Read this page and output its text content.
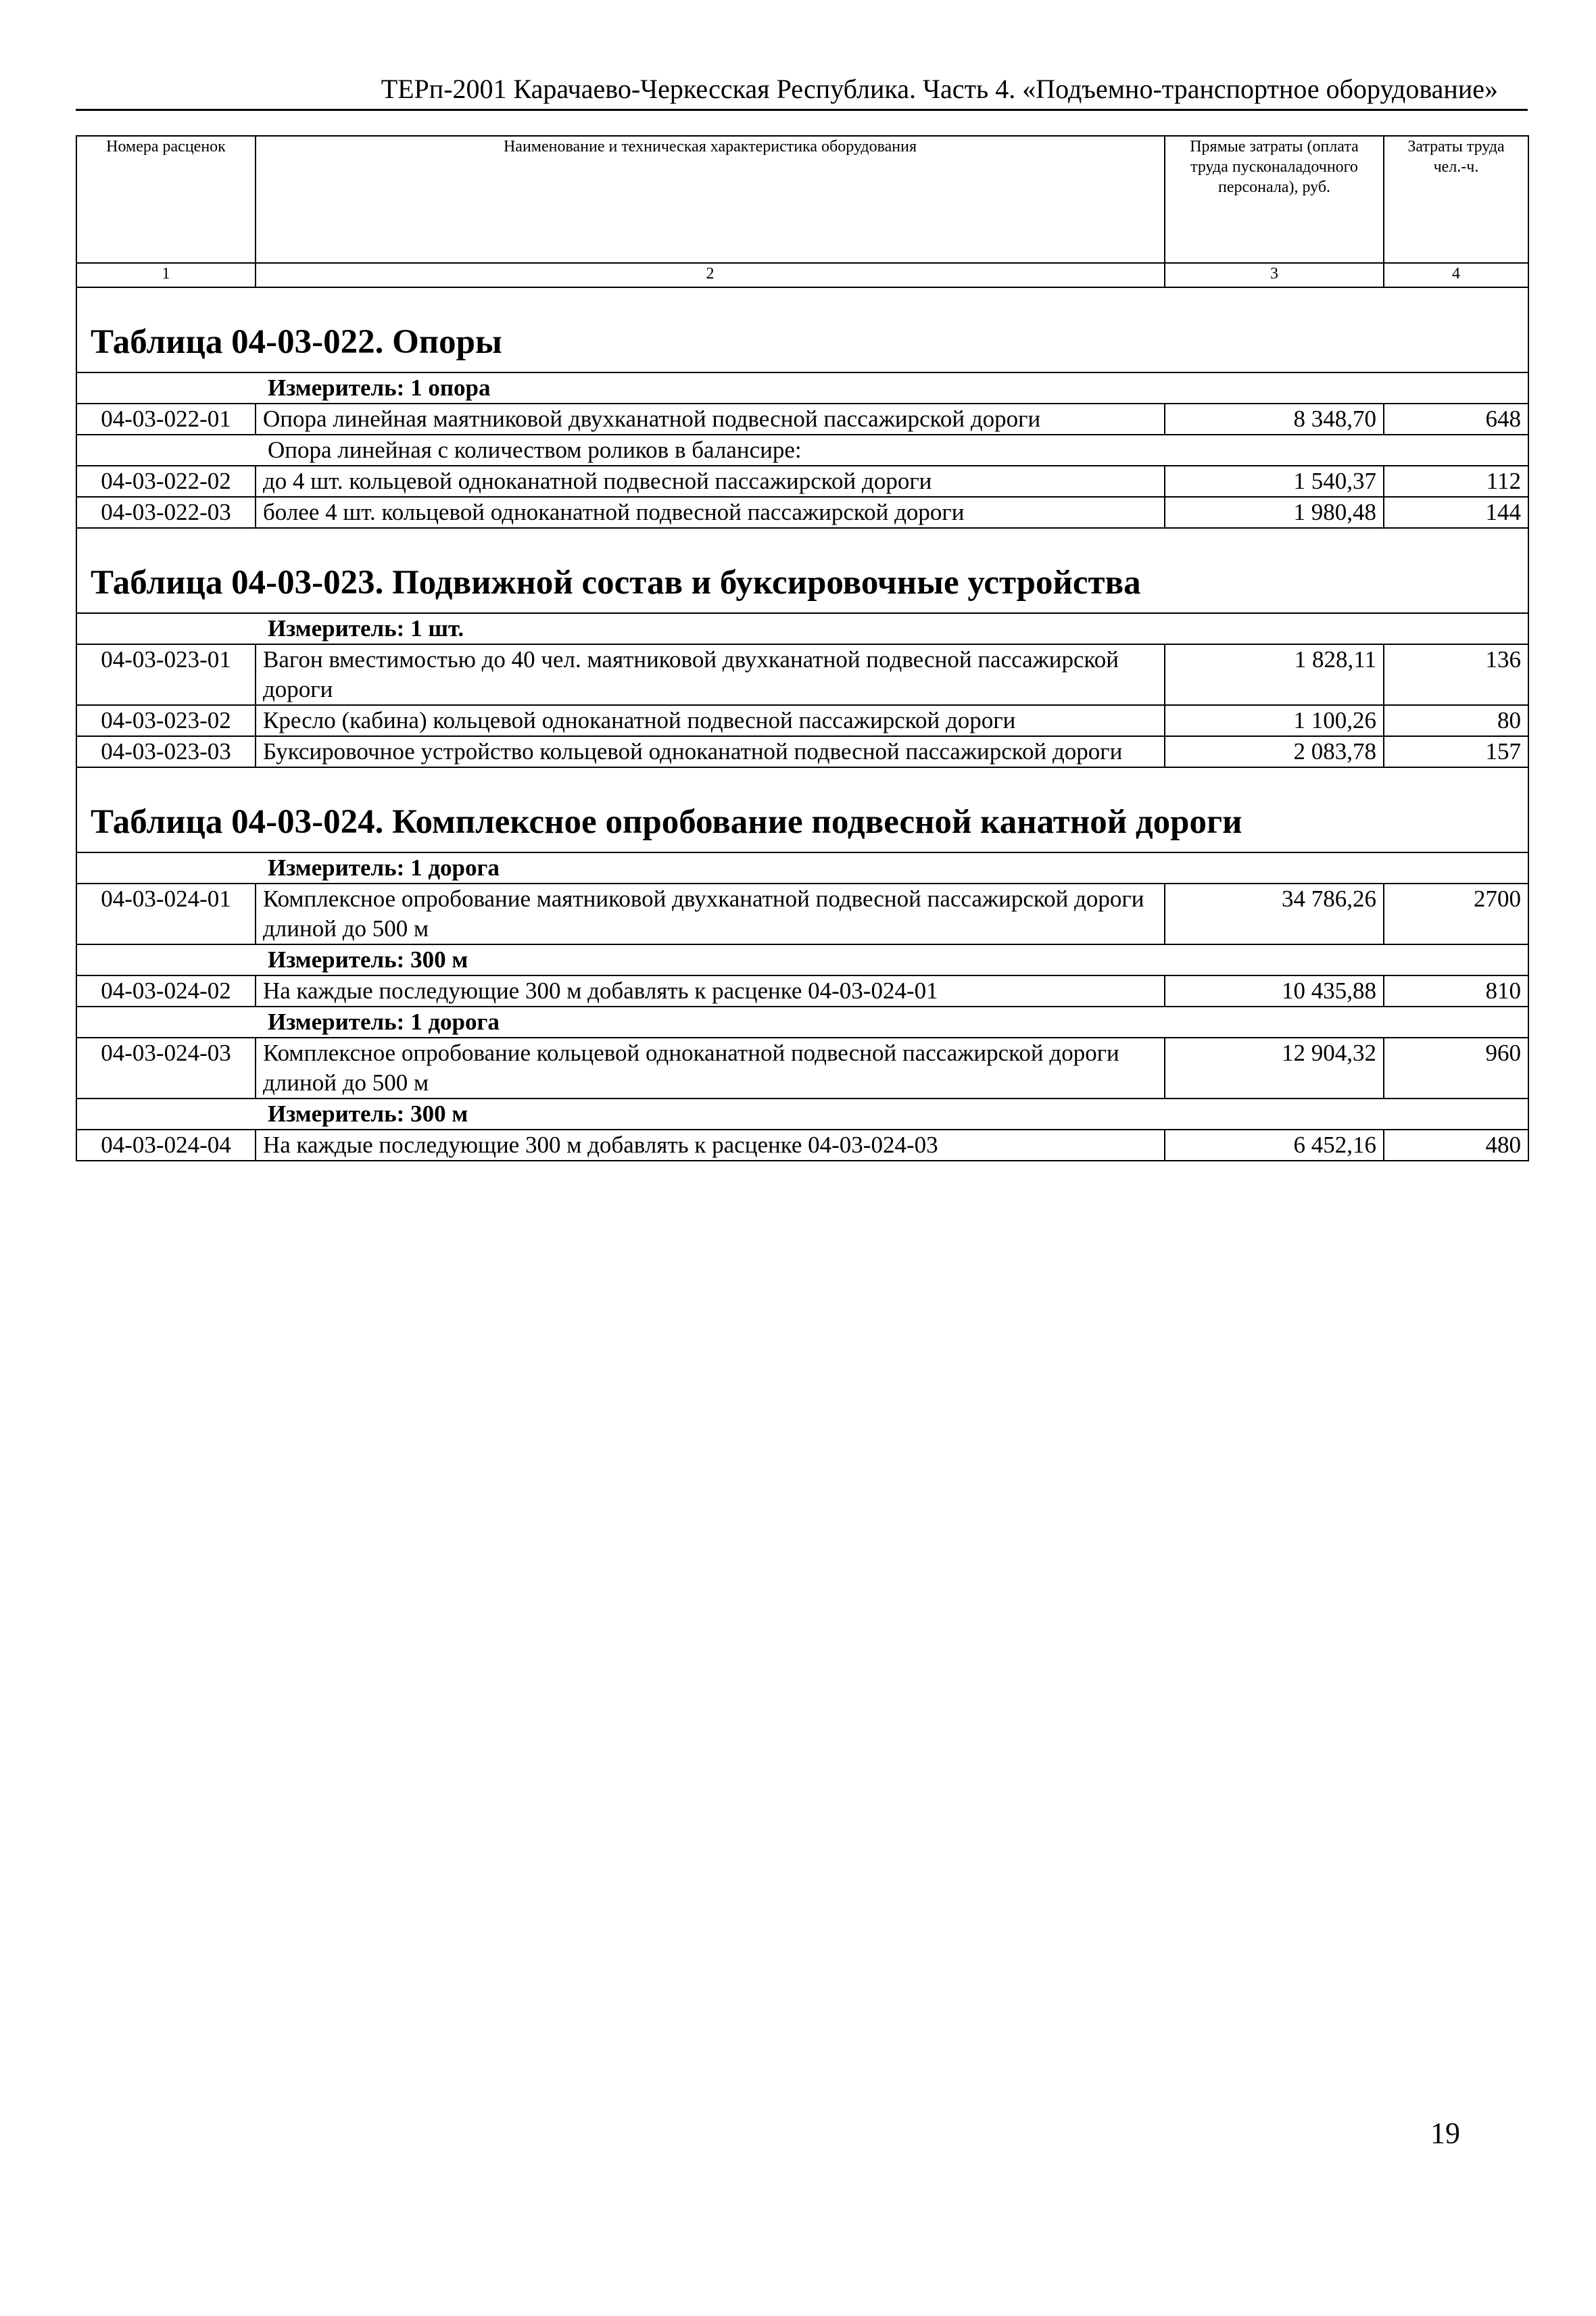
ТЕРп-2001 Карачаево-Черкесская Республика. Часть 4. «Подъемно-транспортное оборудование»
Номера расценок	Наименование и техническая характеристика оборудования	Прямые затраты (оплата труда пусконаладочного персонала), руб.	Затраты труда чел.-ч.
1	2	3	4
Таблица 04-03-022. Опоры			
Измеритель: 1 опора			
04-03-022-01	Опора линейная маятниковой двухканатной подвесной пассажирской дороги	8 348,70	648
Опора линейная с количеством роликов в балансире:			
04-03-022-02	до 4 шт. кольцевой одноканатной подвесной пассажирской дороги	1 540,37	112
04-03-022-03	более 4 шт. кольцевой одноканатной подвесной пассажирской дороги	1 980,48	144
Таблица 04-03-023. Подвижной состав и буксировочные устройства			
Измеритель: 1 шт.			
04-03-023-01	Вагон вместимостью до 40 чел. маятниковой двухканатной подвесной пассажирской дороги	1 828,11	136
04-03-023-02	Кресло (кабина) кольцевой одноканатной подвесной пассажирской дороги	1 100,26	80
04-03-023-03	Буксировочное устройство кольцевой одноканатной подвесной пассажирской дороги	2 083,78	157
Таблица 04-03-024. Комплексное опробование подвесной канатной дороги			
Измеритель: 1 дорога			
04-03-024-01	Комплексное опробование маятниковой двухканатной подвесной пассажирской дороги длиной до 500 м	34 786,26	2700
Измеритель: 300 м			
04-03-024-02	На каждые последующие 300 м добавлять к расценке 04-03-024-01	10 435,88	810
Измеритель: 1 дорога			
04-03-024-03	Комплексное опробование кольцевой одноканатной подвесной пассажирской дороги длиной до 500 м	12 904,32	960
Измеритель: 300 м			
04-03-024-04	На каждые последующие 300 м добавлять к расценке 04-03-024-03	6 452,16	480
19
